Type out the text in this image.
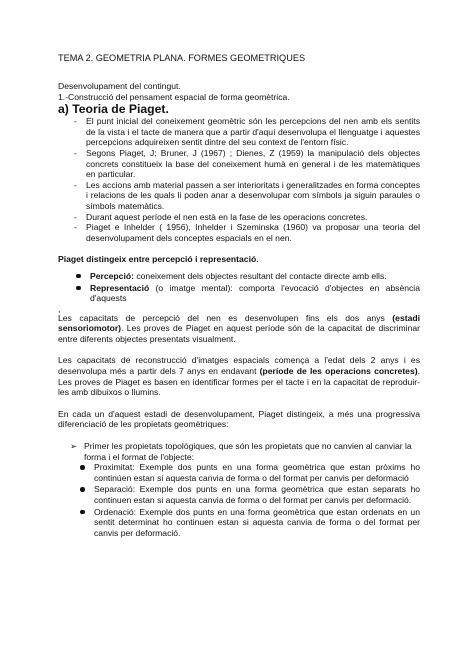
TEMA 2. GEOMETRIA PLANA. FORMES GEOMETRIQUES

Desenvolupament del contingut.

1.-Construcció del pensament espacial de forma geomètrica.

a) Teoria de Piaget.

- El punt inicial del coneixement geomètric són les percepcions del nen amb els sentits de la vista i el tacte de manera que a partir d'aquí desenvolupa el llenguatge i aquestes percepcions adquireixen sentit dintre del seu context de l'entorn físic.
- Segons Piaget, J; Bruner, J (1967) ; Dienes, Z (1959) la manipulació dels objectes concrets constitueix la base del coneixement humà en general i de les matemàtiques en particular.
- Les accions amb material passen a ser interioritats i generalitzades en forma conceptes i relacions de les quals li poden anar a desenvolupar com símbols ja siguin paraules o símbols matemàtics.
- Durant aquest període el nen està en la fase de les operacions concretes.
- Piaget e Inhelder ( 1956), Inhelder i Szeminska (1960) va proposar una teoria del desenvolupament dels conceptes espacials en el nen.

Piaget distingeix entre percepció i representació.

Percepció: coneixement dels objectes resultant del contacte directe amb ells.
Representació (o imatge mental): comporta l'evocació d'objectes en absència d'aquests

,

Les capacitats de percepció del nen es desenvolupen fins els dos anys (estadi sensoriomotor). Les proves de Piaget en aquest període són de la capacitat de discriminar entre diferents objectes presentats visualment.

Les capacitats de reconstrucció d'imatges espacials comença a l'edat dels 2 anys i es desenvolupa més a partir dels 7 anys en endavant (període de les operacions concretes). Les proves de Piaget es basen en identificar formes per el tacte i en la capacitat de reproduir-les amb dibuixos o llumins.

En cada un d'aquest estadi de desenvolupament, Piaget distingeix, a més una progressiva diferenciació de les propietats geomètriques:

➢ Primer les propietats topològiques, que són les propietats que no canvien al canviar la forma i el format de l'objecte:
Proximitat: Exemple dos punts en una forma geomètrica que estan pròxims ho continúen estan si aquesta canvia de forma o del format per canvis per deformació
Separació: Exemple dos punts en una forma geomètrica que estan separats ho continuen estan si aquesta canvia de forma o del format per canvis per deformació.
Ordenació: Exemple dos punts en una forma geomètrica que estan ordenats en un sentit determinat ho continuen estan si aquesta canvia de forma o del format per canvis per deformació.
